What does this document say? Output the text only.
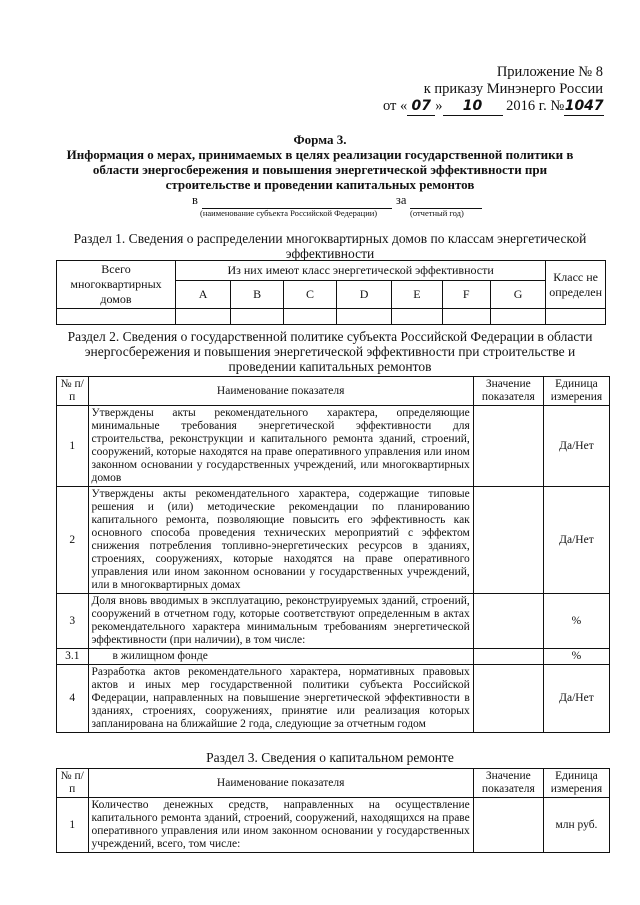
Приложение № 8
к приказу Минэнерго России
от « 07 » 10 2016 г. №1047
Форма 3.
Информация о мерах, принимаемых в целях реализации государственной политики в области энергосбережения и повышения энергетической эффективности при строительстве и проведении капитальных ремонтов
в	за
(наименование субъекта Российской Федерации)	(отчетный год)
Раздел 1. Сведения о распределении многоквартирных домов по классам энергетической эффективности
Всего многоквартирных домов	Из них имеют класс энергетической эффективности							Класс не определен
	A	B	C	D	E	F	G	

Раздел 2. Сведения о государственной политике субъекта Российской Федерации в области энергосбережения и повышения энергетической эффективности при строительстве и проведении капитальных ремонтов
№ п/п	Наименование показателя	Значение показателя	Единица измерения
1	Утверждены акты рекомендательного характера, определяющие минимальные требования энергетической эффективности для строительства, реконструкции и капитального ремонта зданий, строений, сооружений, которые находятся на праве оперативного управления или ином законном основании у государственных учреждений, или многоквартирных домов		Да/Нет
2	Утверждены акты рекомендательного характера, содержащие типовые решения и (или) методические рекомендации по планированию капитального ремонта, позволяющие повысить его эффективность как основного способа проведения технических мероприятий с эффектом снижения потребления топливно-энергетических ресурсов в зданиях, строениях, сооружениях, которые находятся на праве оперативного управления или ином законном основании у государственных учреждений, или в многоквартирных домах		Да/Нет
3	Доля вновь вводимых в эксплуатацию, реконструируемых зданий, строений, сооружений в отчетном году, которые соответствуют определенным в актах рекомендательного характера минимальным требованиям энергетической эффективности (при наличии), в том числе:		%
3.1	в жилищном фонде		%
4	Разработка актов рекомендательного характера, нормативных правовых актов и иных мер государственной политики субъекта Российской Федерации, направленных на повышение энергетической эффективности в зданиях, строениях, сооружениях, принятие или реализация которых запланирована на ближайшие 2 года, следующие за отчетным годом		Да/Нет
Раздел 3. Сведения о капитальном ремонте
№ п/п	Наименование показателя	Значение показателя	Единица измерения
1	Количество денежных средств, направленных на осуществление капитального ремонта зданий, строений, сооружений, находящихся на праве оперативного управления или ином законном основании у государственных учреждений, всего, том числе:		млн руб.
